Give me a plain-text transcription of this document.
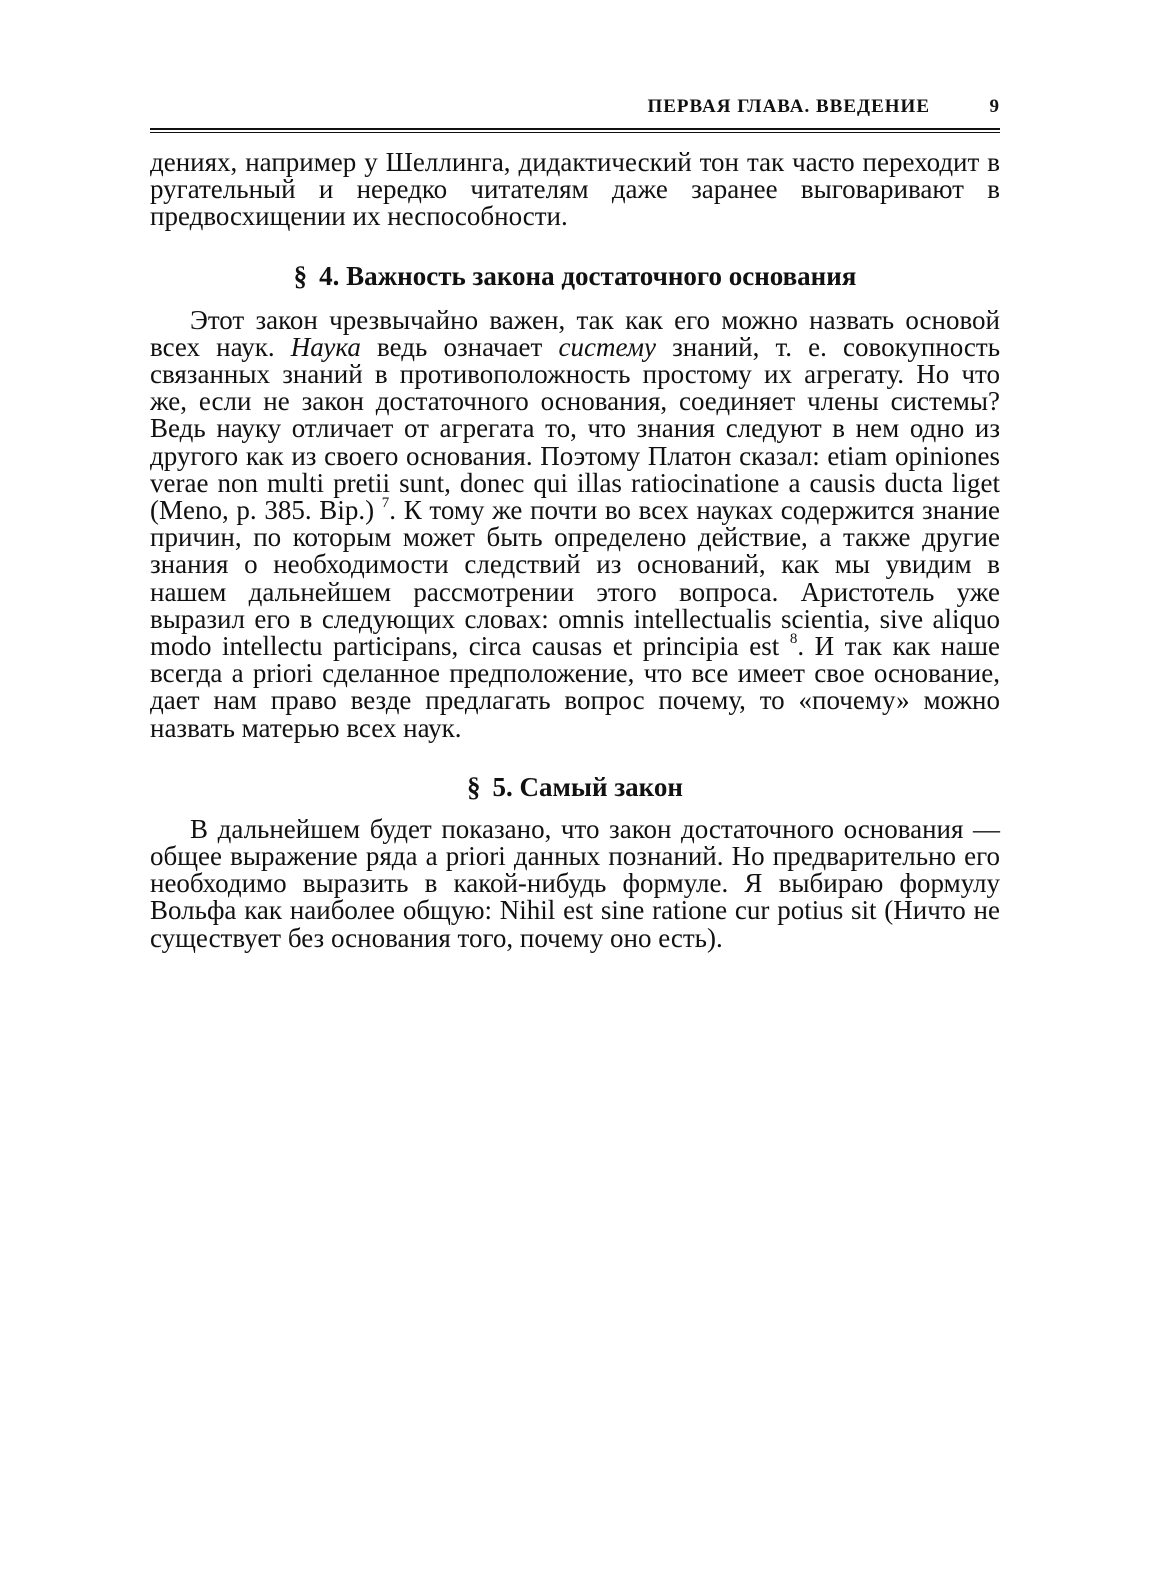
ПЕРВАЯ ГЛАВА. ВВЕДЕНИЕ	9

дениях, например у Шеллинга, дидактический тон так часто переходит в ругательный и нередко читателям даже заранее выговаривают в предвосхищении их неспособности.

§ 4. Важность закона достаточного основания

Этот закон чрезвычайно важен, так как его можно назвать основой всех наук. Наука ведь означает систему знаний, т. е. совокупность связанных знаний в противоположность простому их агрегату. Но что же, если не закон достаточного основания, соединяет члены системы? Ведь науку отличает от агрегата то, что знания следуют в нем одно из другого как из своего основания. Поэтому Платон сказал: etiam opiniones verae non multi pretii sunt, donec qui illas ratiocinatione a causis ducta liget (Meno, p. 385. Bip.) $^7$. К тому же почти во всех науках содержится знание причин, по которым может быть определено действие, а также другие знания о необходимости следствий из оснований, как мы увидим в нашем дальнейшем рассмотрении этого вопроса. Аристотель уже выразил его в следующих словах: omnis intellectualis scientia, sive aliquo modo intellectu participans, circa causas et principia est $^8$. И так как наше всегда a priori сделанное предположение, что все имеет свое основание, дает нам право везде предлагать вопрос почему, то «почему» можно назвать матерью всех наук.

§ 5. Самый закон

В дальнейшем будет показано, что закон достаточного основания — общее выражение ряда a priori данных познаний. Но предварительно его необходимо выразить в какой-нибудь формуле. Я выбираю формулу Вольфа как наиболее общую: Nihil est sine ratione cur potius sit (Ничто не существует без основания того, почему оно есть).
